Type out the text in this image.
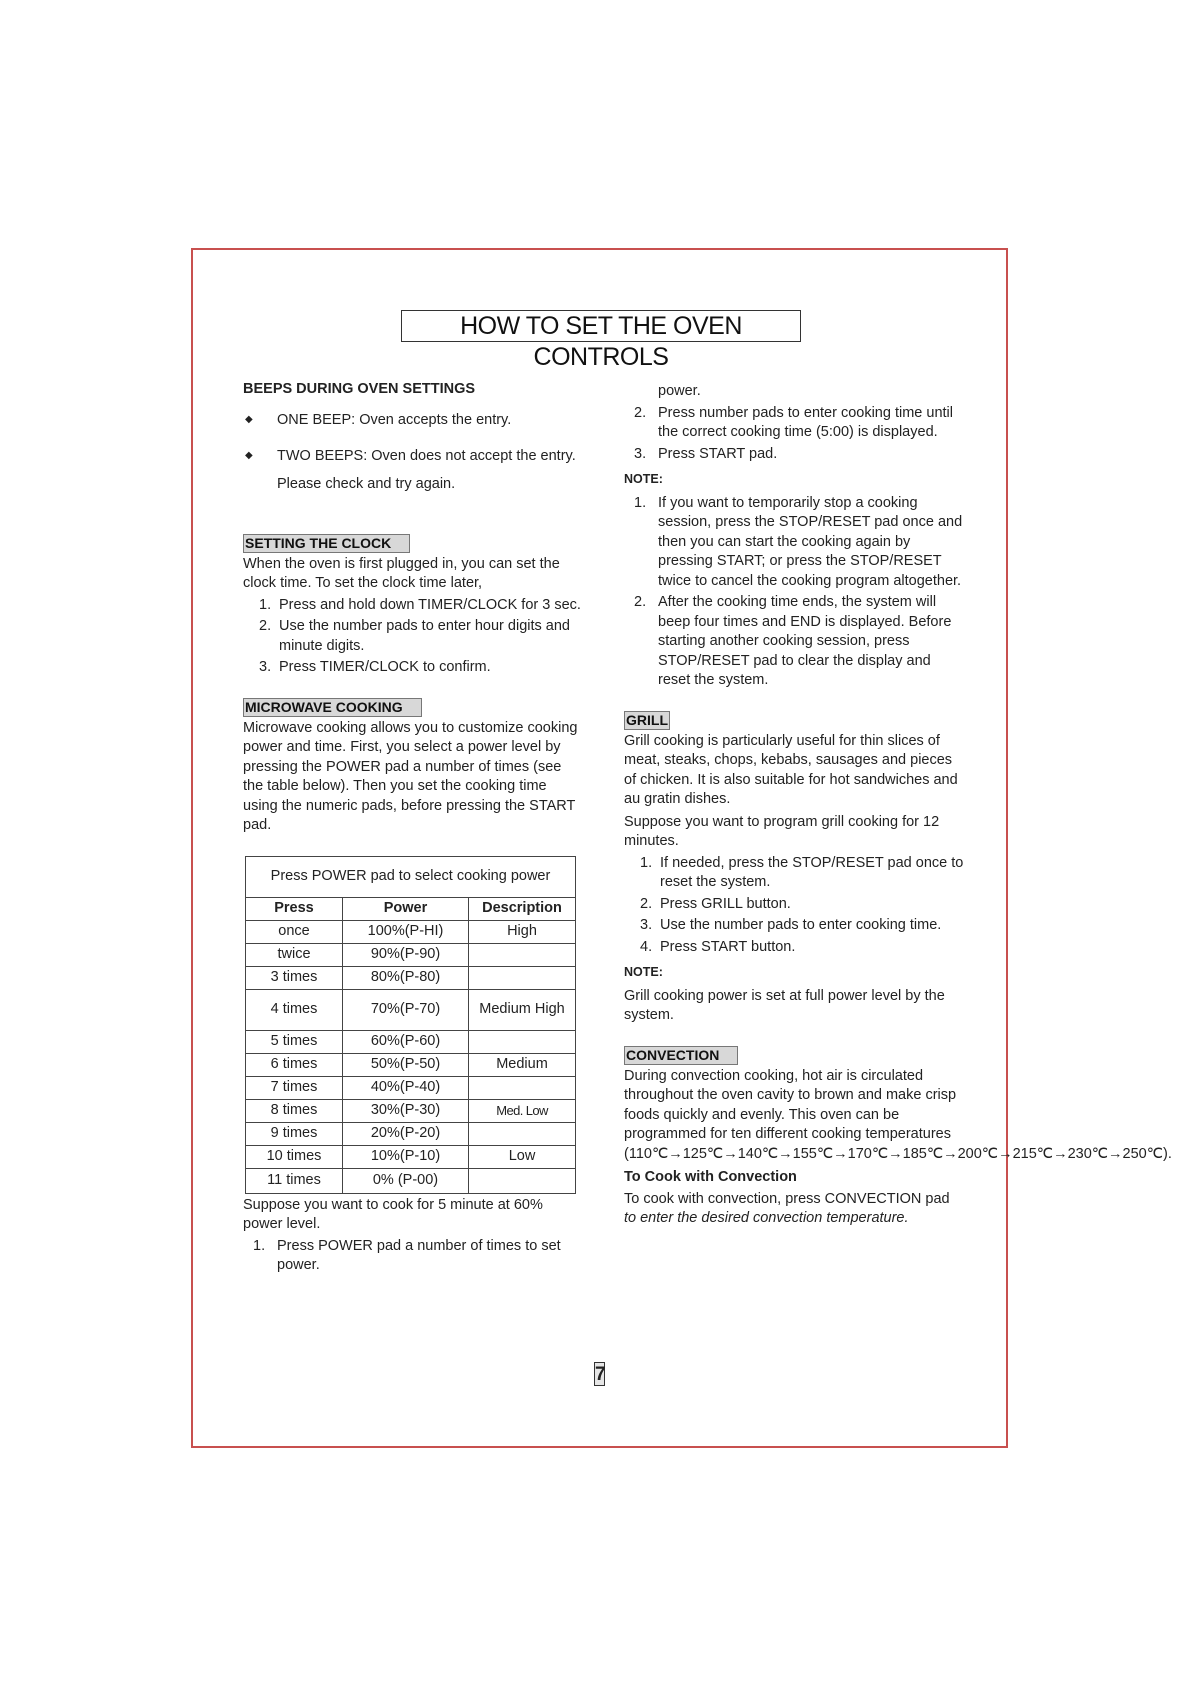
HOW TO SET THE OVEN CONTROLS

BEEPS DURING OVEN SETTINGS

◆ ONE BEEP: Oven accepts the entry.
◆ TWO BEEPS: Oven does not accept the entry. Please check and try again.
SETTING THE CLOCK

When the oven is first plugged in, you can set the clock time. To set the clock time later,

1. Press and hold down TIMER/CLOCK for 3 sec.
2. Use the number pads to enter hour digits and minute digits.
3. Press TIMER/CLOCK to confirm.
MICROWAVE COOKING

Microwave cooking allows you to customize cooking power and time. First, you select a power level by pressing the POWER pad a number of times (see the table below). Then you set the cooking time using the numeric pads, before pressing the START pad.

Press POWER pad to select cooking power		
Press	Power	Description
once	100%(P-HI)	High
twice	90%(P-90)	
3 times	80%(P-80)	
4 times	70%(P-70)	Medium High
5 times	60%(P-60)	
6 times	50%(P-50)	Medium
7 times	40%(P-40)	
8 times	30%(P-30)	Med. Low
9 times	20%(P-20)	
10 times	10%(P-10)	Low
11 times	0% (P-00)	

Suppose you want to cook for 5 minute at 60% power level.

1. Press POWER pad a number of times to set power.
power.
2. Press number pads to enter cooking time until the correct cooking time (5:00) is displayed.
3. Press START pad.

NOTE:

1. If you want to temporarily stop a cooking session, press the STOP/RESET pad once and then you can start the cooking again by pressing START; or press the STOP/RESET twice to cancel the cooking program altogether.
2. After the cooking time ends, the system will beep four times and END is displayed. Before starting another cooking session, press STOP/RESET pad to clear the display and reset the system.
GRILL

Grill cooking is particularly useful for thin slices of meat, steaks, chops, kebabs, sausages and pieces of chicken. It is also suitable for hot sandwiches and au gratin dishes.

Suppose you want to program grill cooking for 12 minutes.

1. If needed, press the STOP/RESET pad once to reset the system.
2. Press GRILL button.
3. Use the number pads to enter cooking time.
4. Press START button.

NOTE:

Grill cooking power is set at full power level by the system.

CONVECTION

During convection cooking, hot air is circulated throughout the oven cavity to brown and make crisp foods quickly and evenly. This oven can be programmed for ten different cooking temperatures (110℃→125℃→140℃→155℃→170℃→185℃→200℃→215℃→230℃→250℃).

To Cook with Convection

To cook with convection, press CONVECTION pad to enter the desired convection temperature.

7
